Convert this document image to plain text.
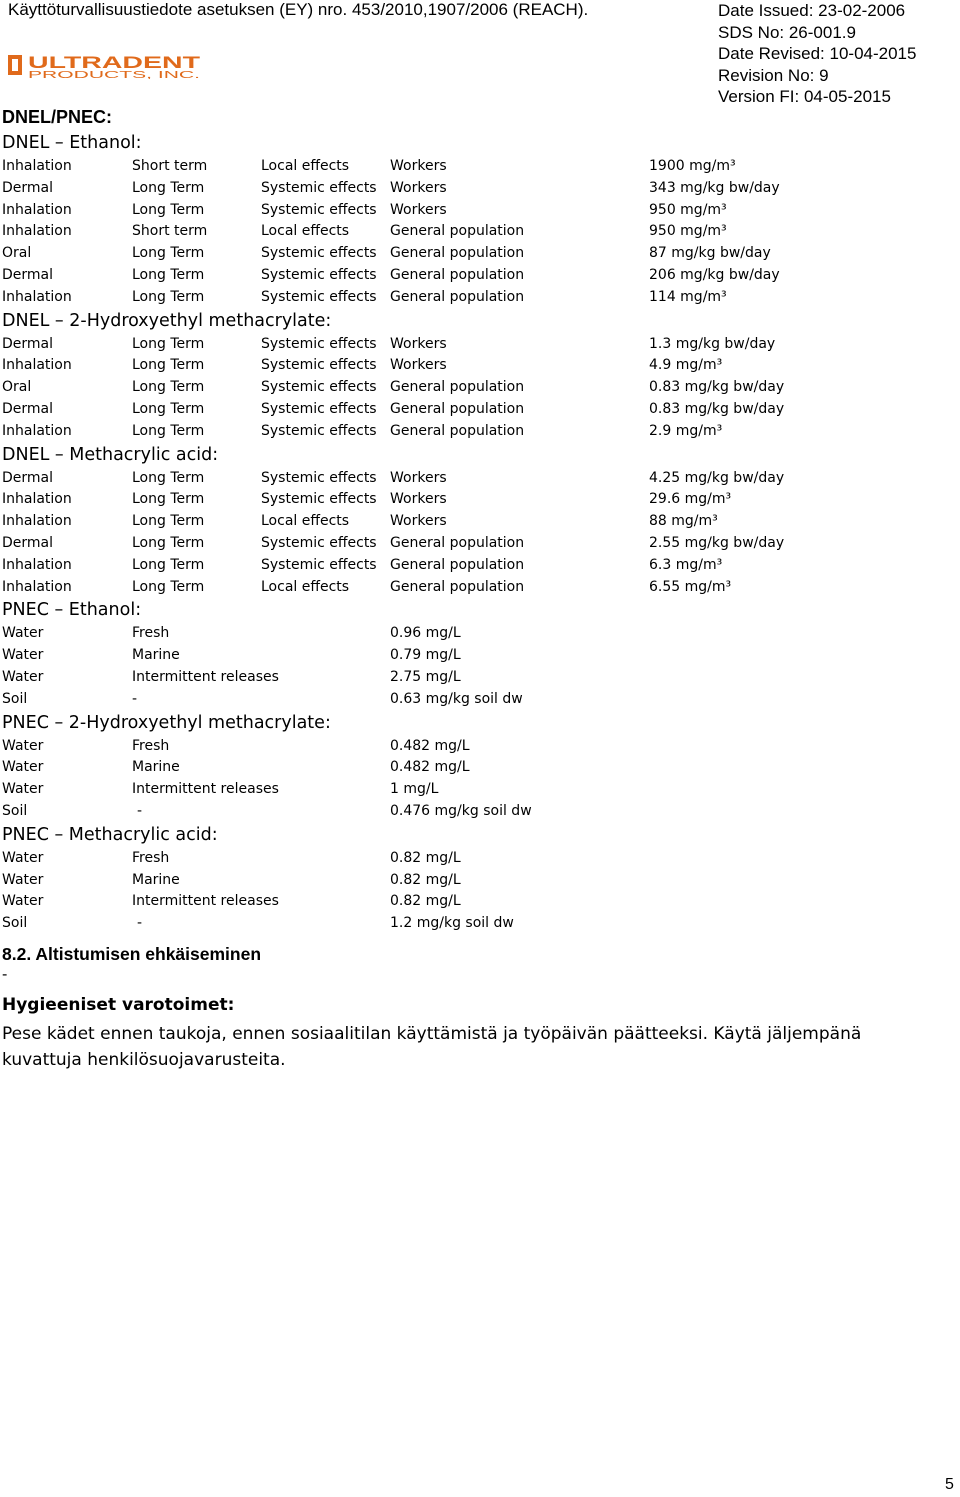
Käyttöturvallisuustiedote asetuksen (EY) nro. 453/2010,1907/2006 (REACH).	Date Issued: 23-02-2006
SDS No: 26-001.9
Date Revised: 10-04-2015
Revision No: 9
Version FI: 04-05-2015
ULTRADENT
PRODUCTS, INC.
DNEL/PNEC:
DNEL – Ethanol:
Inhalation	Short term	Local effects	Workers	1900 mg/m³
Dermal	Long Term	Systemic effects Workers	343 mg/kg bw/day
Inhalation	Long Term	Systemic effects Workers	950 mg/m³
Inhalation	Short term	Local effects	General population	950 mg/m³
Oral	Long Term	Systemic effects General population	87 mg/kg bw/day
Dermal	Long Term	Systemic effects General population	206 mg/kg bw/day
Inhalation	Long Term	Systemic effects General population	114 mg/m³
DNEL – 2-Hydroxyethyl methacrylate:
Dermal	Long Term	Systemic effects Workers	1.3 mg/kg bw/day
Inhalation	Long Term	Systemic effects Workers	4.9 mg/m³
Oral	Long Term	Systemic effects General population	0.83 mg/kg bw/day
Dermal	Long Term	Systemic effects General population	0.83 mg/kg bw/day
Inhalation	Long Term	Systemic effects General population	2.9 mg/m³
DNEL – Methacrylic acid:
Dermal	Long Term	Systemic effects Workers	4.25 mg/kg bw/day
Inhalation	Long Term	Systemic effects Workers	29.6 mg/m³
Inhalation	Long Term	Local effects	Workers	88 mg/m³
Dermal	Long Term	Systemic effects General population	2.55 mg/kg bw/day
Inhalation	Long Term	Systemic effects General population	6.3 mg/m³
Inhalation	Long Term	Local effects	General population	6.55 mg/m³
PNEC – Ethanol:
Water	Fresh	0.96 mg/L
Water	Marine	0.79 mg/L
Water	Intermittent releases	2.75 mg/L
Soil	-	0.63 mg/kg soil dw
PNEC – 2-Hydroxyethyl methacrylate:
Water	Fresh	0.482 mg/L
Water	Marine	0.482 mg/L
Water	Intermittent releases	1 mg/L
Soil	-	0.476 mg/kg soil dw
PNEC – Methacrylic acid:
Water	Fresh	0.82 mg/L
Water	Marine	0.82 mg/L
Water	Intermittent releases	0.82 mg/L
Soil	-	1.2 mg/kg soil dw
8.2. Altistumisen ehkäiseminen
-
Hygieeniset varotoimet:
Pese kädet ennen taukoja, ennen sosiaalitilan käyttämistä ja työpäivän päätteeksi. Käytä jäljempänä kuvattuja henkilösuojavarusteita.
5
